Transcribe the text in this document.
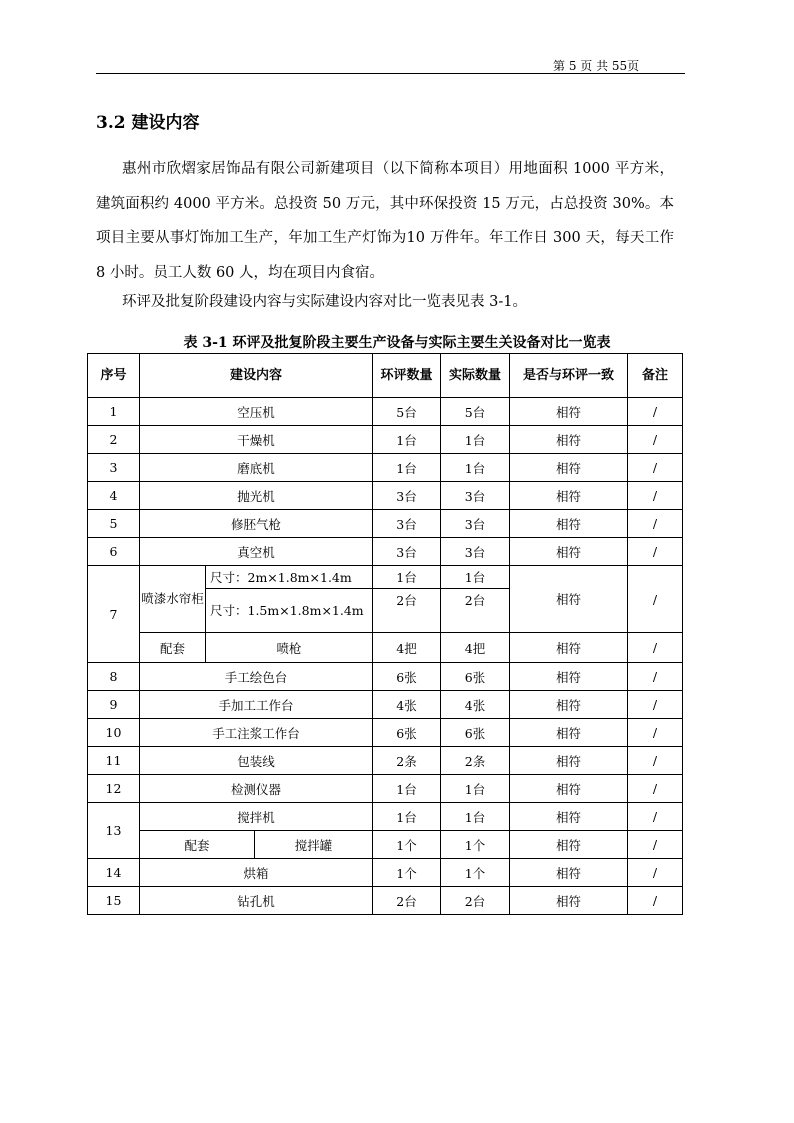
第 5 页 共 55页
3.2 建设内容
惠州市欣熠家居饰品有限公司新建项目（以下简称本项目）用地面积 1000 平方米，建筑面积约 4000 平方米。总投资 50 万元，其中环保投资 15 万元，占总投资 30%。本项目主要从事灯饰加工生产，年加工生产灯饰为10 万件年。年工作日 300 天，每天工作 8 小时。员工人数 60 人，均在项目内食宿。
环评及批复阶段建设内容与实际建设内容对比一览表见表 3-1。
表 3-1 环评及批复阶段主要生产设备与实际主要生关设备对比一览表
序号	建设内容			环评数量	实际数量	是否与环评一致	备注
1	空压机			5台	5台	相符	/
2	干燥机			1台	1台	相符	/
3	磨底机			1台	1台	相符	/
4	抛光机			3台	3台	相符	/
5	修胚气枪			3台	3台	相符	/
6	真空机			3台	3台	相符	/
7	喷漆水帘柜	尺寸：2m×1.8m×1.4m		1台	1台	相符	/
		尺寸：1.5m×1.8m×1.4m		2台	2台		
	配套	喷枪		4把	4把	相符	/
8	手工绘色台			6张	6张	相符	/
9	手加工工作台			4张	4张	相符	/
10	手工注浆工作台			6张	6张	相符	/
11	包装线			2条	2条	相符	/
12	检测仪器			1台	1台	相符	/
13	搅拌机			1台	1台	相符	/
	配套		搅拌罐	1个	1个	相符	/
14	烘箱			1个	1个	相符	/
15	钻孔机			2台	2台	相符	/
